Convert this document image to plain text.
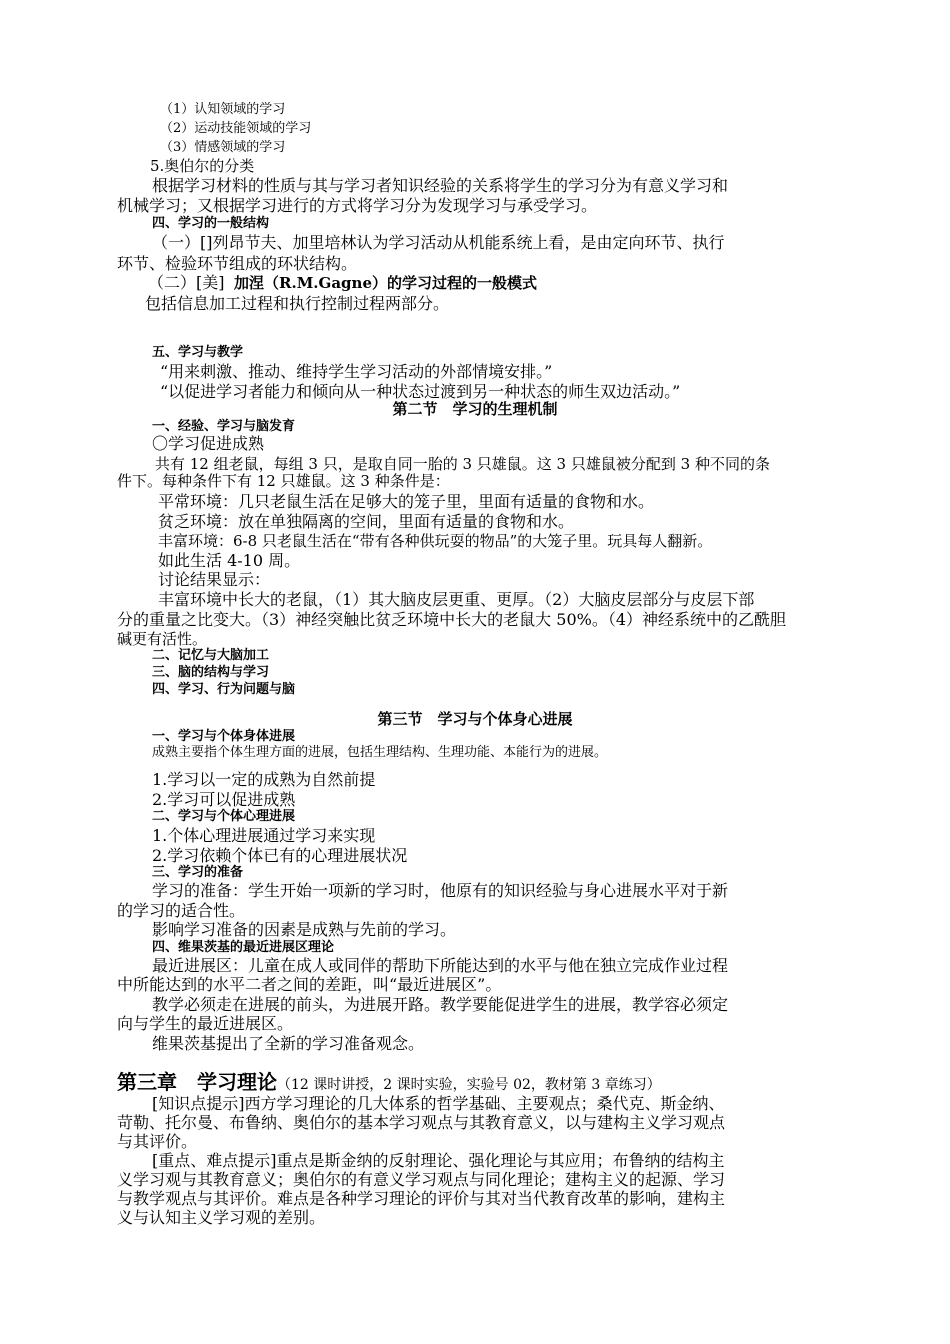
（1）认知领域的学习
（2）运动技能领域的学习
（3）情感领域的学习
5.奥伯尔的分类
根据学习材料的性质与其与学习者知识经验的关系将学生的学习分为有意义学习和
机械学习；又根据学习进行的方式将学习分为发现学习与承受学习。
四、学习的一般结构
（一）[]列昂节夫、加里培林认为学习活动从机能系统上看，是由定向环节、执行
环节、检验环节组成的环状结构。
（二）[美] 加涅（R.M.Gagne）的学习过程的一般模式
包括信息加工过程和执行控制过程两部分。
五、学习与教学
“用来刺激、推动、维持学生学习活动的外部情境安排。”
“以促进学习者能力和倾向从一种状态过渡到另一种状态的师生双边活动。”
第二节　学习的生理机制
一、经验、学习与脑发育
〇学习促进成熟
共有 12 组老鼠，每组 3 只，是取自同一胎的 3 只雄鼠。这 3 只雄鼠被分配到 3 种不同的条
件下。每种条件下有 12 只雄鼠。这 3 种条件是：
平常环境：几只老鼠生活在足够大的笼子里，里面有适量的食物和水。
贫乏环境：放在单独隔离的空间，里面有适量的食物和水。
丰富环境：6-8 只老鼠生活在“带有各种供玩耍的物品”的大笼子里。玩具每人翻新。
如此生活 4-10 周。
讨论结果显示：
丰富环境中长大的老鼠，（1）其大脑皮层更重、更厚。（2）大脑皮层部分与皮层下部
分的重量之比变大。（3）神经突触比贫乏环境中长大的老鼠大 50%。（4）神经系统中的乙酰胆
碱更有活性。
二、记忆与大脑加工
三、脑的结构与学习
四、学习、行为问题与脑
第三节　学习与个体身心进展
一、学习与个体身体进展
成熟主要指个体生理方面的进展，包括生理结构、生理功能、本能行为的进展。
1.学习以一定的成熟为自然前提
2.学习可以促进成熟
二、学习与个体心理进展
1.个体心理进展通过学习来实现
2.学习依赖个体已有的心理进展状况
三、学习的准备
学习的准备：学生开始一项新的学习时，他原有的知识经验与身心进展水平对于新
的学习的适合性。
影响学习准备的因素是成熟与先前的学习。
四、维果茨基的最近进展区理论
最近进展区：儿童在成人或同伴的帮助下所能达到的水平与他在独立完成作业过程
中所能达到的水平二者之间的差距，叫“最近进展区”。
教学必须走在进展的前头，为进展开路。教学要能促进学生的进展，教学容必须定
向与学生的最近进展区。
维果茨基提出了全新的学习准备观念。
第三章　学习理论（12 课时讲授，2 课时实验，实验号 02，教材第 3 章练习）
[知识点提示]西方学习理论的几大体系的哲学基础、主要观点；桑代克、斯金纳、
苛勒、托尔曼、布鲁纳、奥伯尔的基本学习观点与其教育意义，以与建构主义学习观点
与其评价。
[重点、难点提示]重点是斯金纳的反射理论、强化理论与其应用；布鲁纳的结构主
义学习观与其教育意义；奥伯尔的有意义学习观点与同化理论；建构主义的起源、学习
与教学观点与其评价。难点是各种学习理论的评价与其对当代教育改革的影响，建构主
义与认知主义学习观的差别。
